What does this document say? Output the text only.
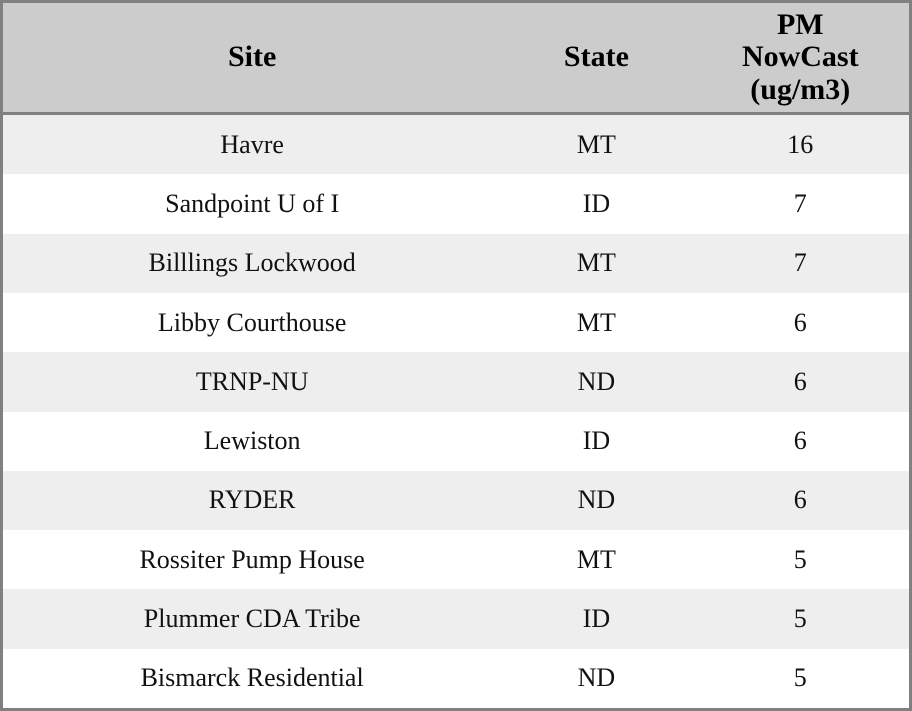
Site	State	PM
NowCast
(ug/m3)
Havre	MT	16
Sandpoint U of I	ID	7
Billlings Lockwood	MT	7
Libby Courthouse	MT	6
TRNP-NU	ND	6
Lewiston	ID	6
RYDER	ND	6
Rossiter Pump House	MT	5
Plummer CDA Tribe	ID	5
Bismarck Residential	ND	5
